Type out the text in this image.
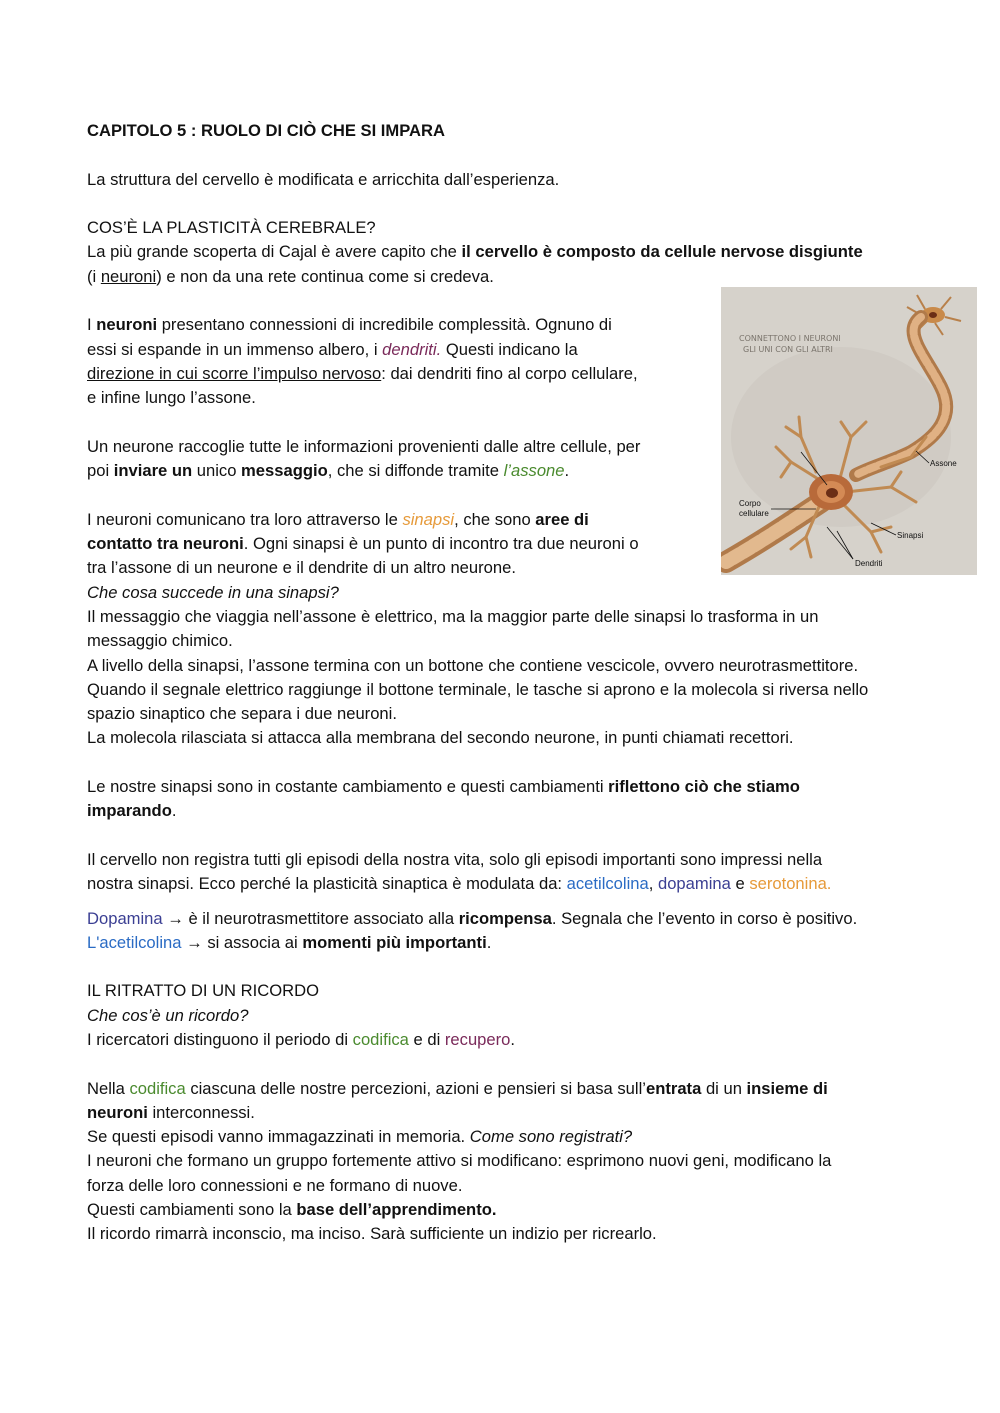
CAPITOLO 5 : RUOLO DI CIÒ CHE SI IMPARA

La struttura del cervello è modificata e arricchita dall’esperienza.

COS’È LA PLASTICITÀ CEREBRALE?

La più grande scoperta di Cajal è avere capito che il cervello è composto da cellule nervose disgiunte
(i neuroni) e non da una rete continua come si credeva.

I neuroni presentano connessioni di incredibile complessità. Ognuno di
essi si espande in un immenso albero, i dendriti. Questi indicano la
direzione in cui scorre l’impulso nervoso: dai dendriti fino al corpo cellulare,
e infine lungo l’assone.

Un neurone raccoglie tutte le informazioni provenienti dalle altre cellule, per
poi inviare un unico messaggio, che si diffonde tramite l’assone.

I neuroni comunicano tra loro attraverso le sinapsi, che sono aree di
contatto tra neuroni. Ogni sinapsi è un punto di incontro tra due neuroni o
tra l’assone di un neurone e il dendrite di un altro neurone.

Che cosa succede in una sinapsi?

Il messaggio che viaggia nell’assone è elettrico, ma la maggior parte delle sinapsi lo trasforma in un
messaggio chimico.
A livello della sinapsi, l’assone termina con un bottone che contiene vescicole, ovvero neurotrasmettitore.
Quando il segnale elettrico raggiunge il bottone terminale, le tasche si aprono e la molecola si riversa nello
spazio sinaptico che separa i due neuroni.
La molecola rilasciata si attacca alla membrana del secondo neurone, in punti chiamati recettori.

Le nostre sinapsi sono in costante cambiamento e questi cambiamenti riflettono ciò che stiamo
imparando.

Il cervello non registra tutti gli episodi della nostra vita, solo gli episodi importanti sono impressi nella
nostra sinapsi. Ecco perché la plasticità sinaptica è modulata da: acetilcolina, dopamina e serotonina.

Dopamina → è il neurotrasmettitore associato alla ricompensa. Segnala che l’evento in corso è positivo.
L'acetilcolina → si associa ai momenti più importanti.

IL RITRATTO DI UN RICORDO

Che cos’è un ricordo?

I ricercatori distinguono il periodo di codifica e di recupero.

Nella codifica ciascuna delle nostre percezioni, azioni e pensieri si basa sull’entrata di un insieme di
neuroni interconnessi.
Se questi episodi vanno immagazzinati in memoria. Come sono registrati?
I neuroni che formano un gruppo fortemente attivo si modificano: esprimono nuovi geni, modificano la
forza delle loro connessioni e ne formano di nuove.
Questi cambiamenti sono la base dell’apprendimento.
Il ricordo rimarrà inconscio, ma inciso. Sarà sufficiente un indizio per ricrearlo.

CONNETTONO I NEURONI GLI UNI CON GLI ALTRI
Assone
Corpo cellulare
Sinapsi
Dendriti
